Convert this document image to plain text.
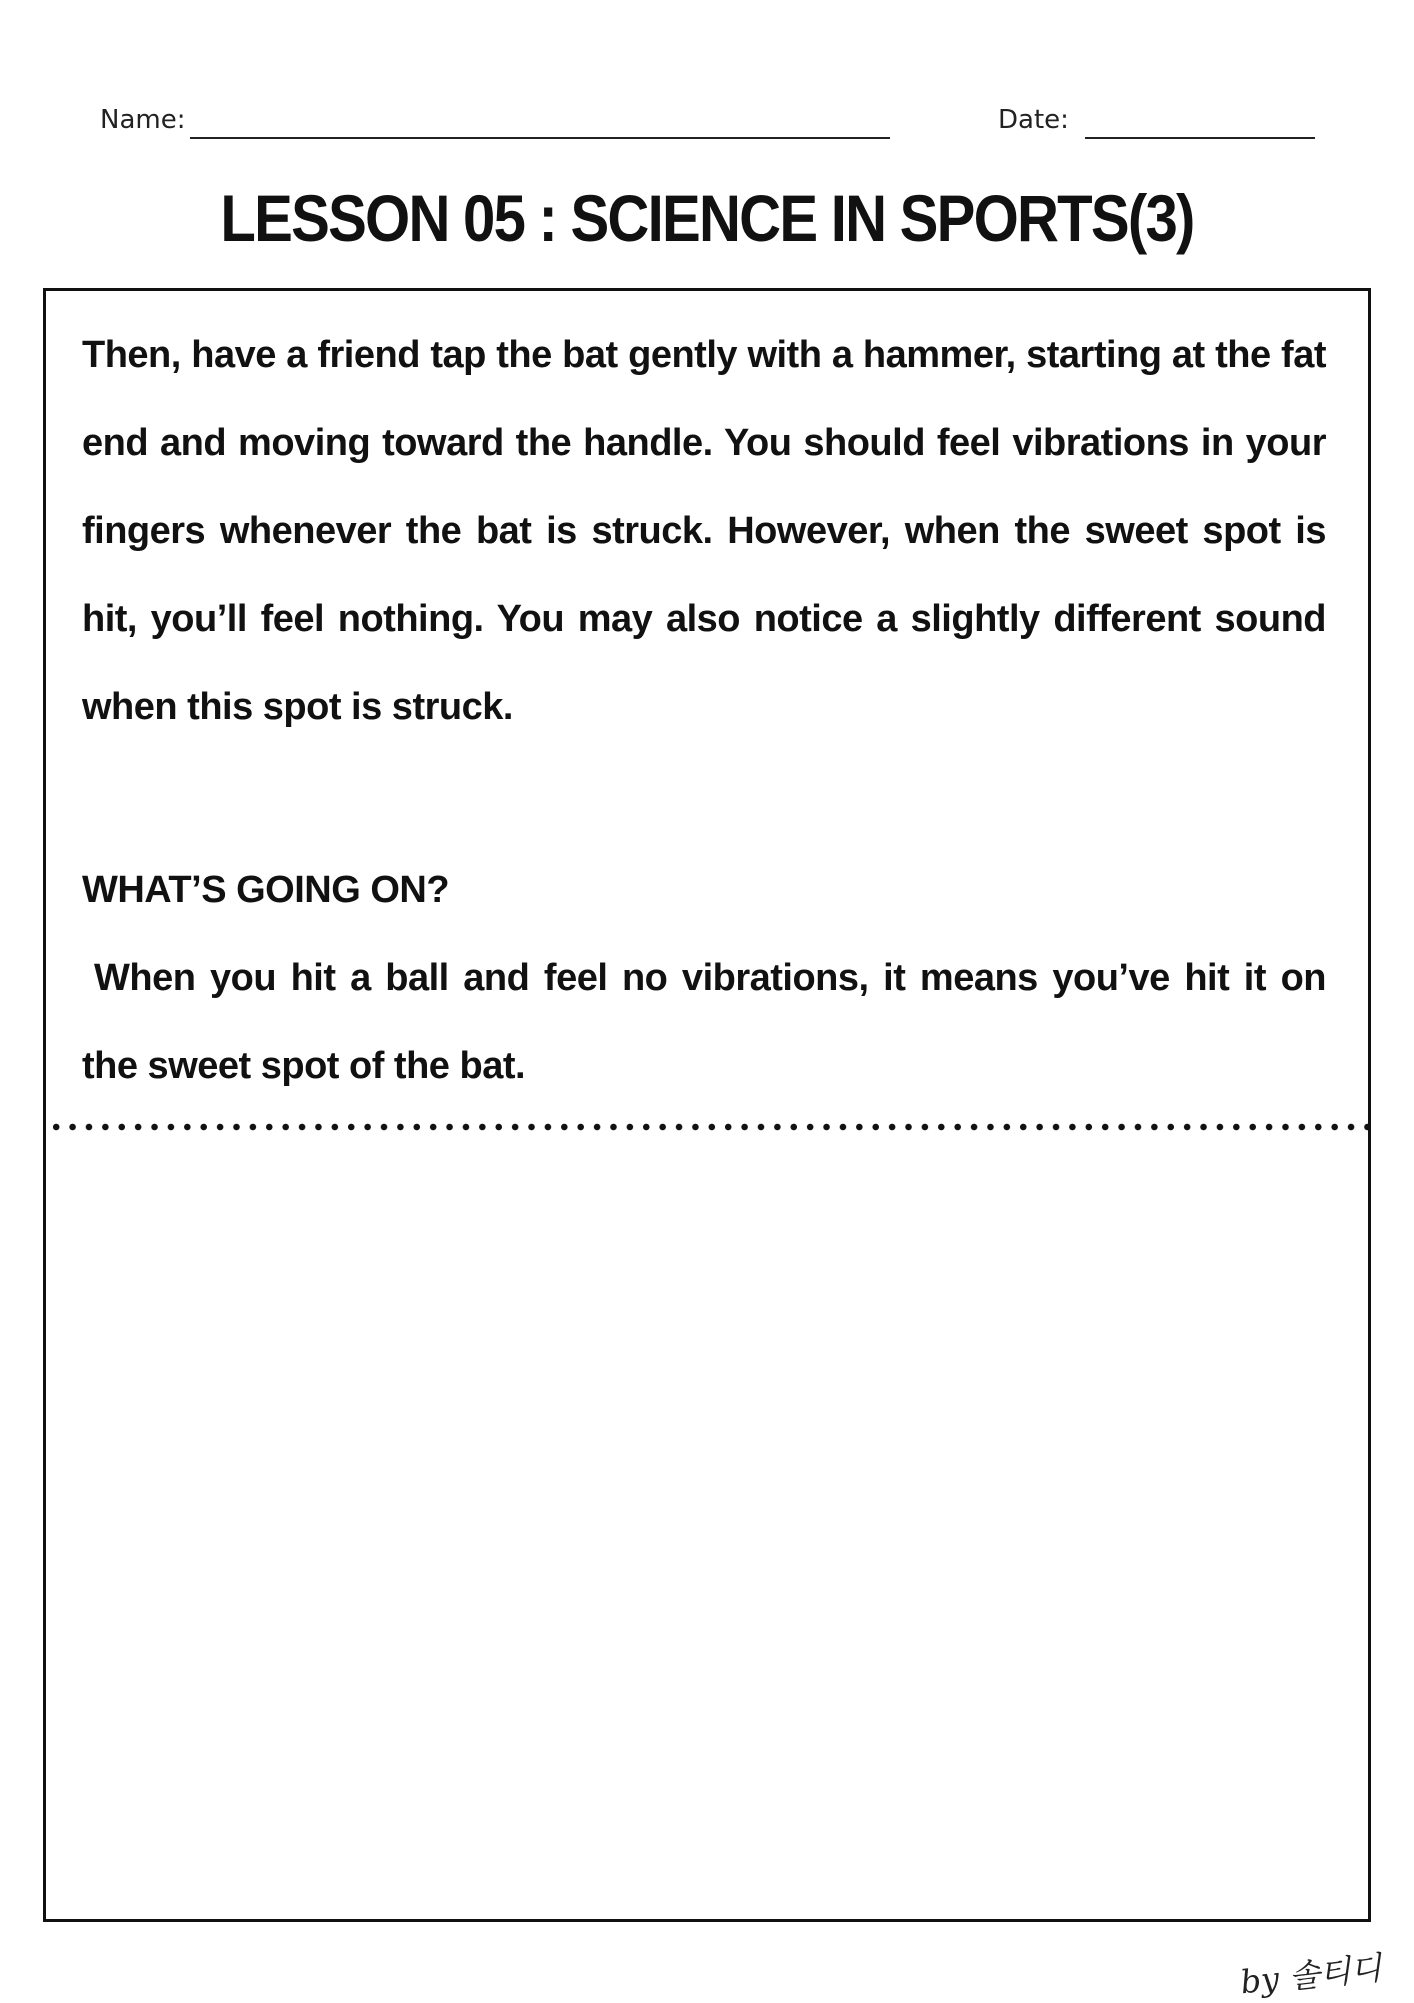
Name:	Date:
LESSON 05 : SCIENCE IN SPORTS(3)

Then, have a friend tap the bat gently with a hammer, starting at the fat end and moving toward the handle. You should feel vibrations in your fingers whenever the bat is struck. However, when the sweet spot is hit, you’ll feel nothing. You may also notice a slightly different sound when this spot is struck.

WHAT’S GOING ON?

When you hit a ball and feel no vibrations, it means you’ve hit it on the sweet spot of the bat.

by 솔티디
